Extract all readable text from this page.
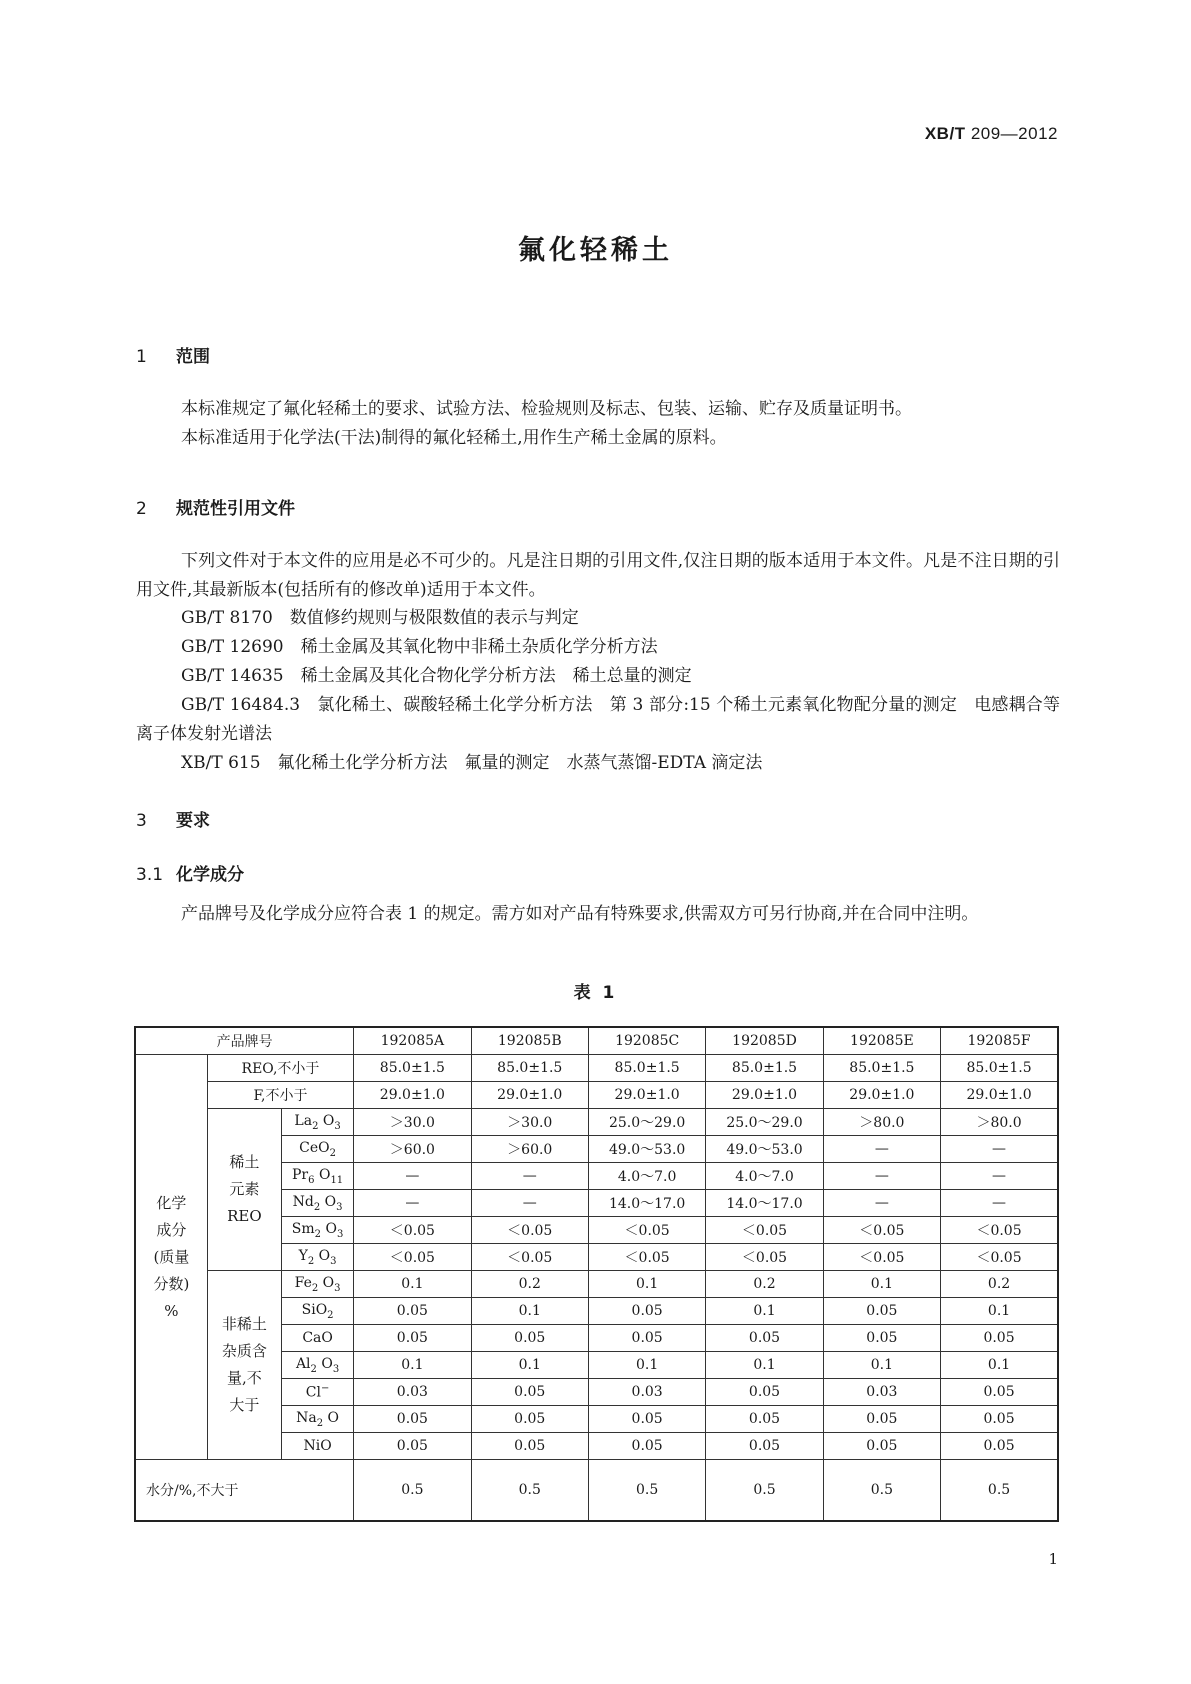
XB/T 209—2012
氟化轻稀土
1 范围
本标准规定了氟化轻稀土的要求、试验方法、检验规则及标志、包装、运输、贮存及质量证明书。
本标准适用于化学法(干法)制得的氟化轻稀土,用作生产稀土金属的原料。
2 规范性引用文件
下列文件对于本文件的应用是必不可少的。凡是注日期的引用文件,仅注日期的版本适用于本文件。凡是不注日期的引用文件,其最新版本(包括所有的修改单)适用于本文件。
GB/T 8170　数值修约规则与极限数值的表示与判定
GB/T 12690　稀土金属及其氧化物中非稀土杂质化学分析方法
GB/T 14635　稀土金属及其化合物化学分析方法　稀土总量的测定
GB/T 16484.3　氯化稀土、碳酸轻稀土化学分析方法　第 3 部分:15 个稀土元素氧化物配分量的测定　电感耦合等离子体发射光谱法
XB/T 615　氟化稀土化学分析方法　氟量的测定　水蒸气蒸馏-EDTA 滴定法
3 要求
3.1 化学成分
产品牌号及化学成分应符合表 1 的规定。需方如对产品有特殊要求,供需双方可另行协商,并在合同中注明。
表 1
产品牌号			192085A	192085B	192085C	192085D	192085E	192085F

化学
成分
(质量
分数)
%	REO,不小于		85.0±1.5	85.0±1.5	85.0±1.5	85.0±1.5	85.0±1.5	85.0±1.5
	F,不小于		29.0±1.0	29.0±1.0	29.0±1.0	29.0±1.0	29.0±1.0	29.0±1.0

	稀土
元素
REO	$La_2$ $O_3$	＞30.0	＞30.0	25.0～29.0	25.0～29.0	＞80.0	＞80.0
		CeO$_2$	＞60.0	＞60.0	49.0～53.0	49.0～53.0	—	—
		$Pr_6$ $O_{11}$	—	—	4.0～7.0	4.0～7.0	—	—
		$Nd_2$ $O_3$	—	—	14.0～17.0	14.0～17.0	—	—
		$Sm_2$ $O_3$	＜0.05	＜0.05	＜0.05	＜0.05	＜0.05	＜0.05
		$Y_2$ $O_3$	＜0.05	＜0.05	＜0.05	＜0.05	＜0.05	＜0.05

	非稀土
杂质含
量,不
大于	$Fe_2$ $O_3$	0.1	0.2	0.1	0.2	0.1	0.2
		SiO$_2$	0.05	0.1	0.05	0.1	0.05	0.1
		CaO	0.05	0.05	0.05	0.05	0.05	0.05
		$Al_2$ $O_3$	0.1	0.1	0.1	0.1	0.1	0.1
		Cl−	0.03	0.05	0.03	0.05	0.03	0.05
		$Na_2$ O	0.05	0.05	0.05	0.05	0.05	0.05
		NiO	0.05	0.05	0.05	0.05	0.05	0.05
水分/%,不大于			0.5	0.5	0.5	0.5	0.5	0.5
1
